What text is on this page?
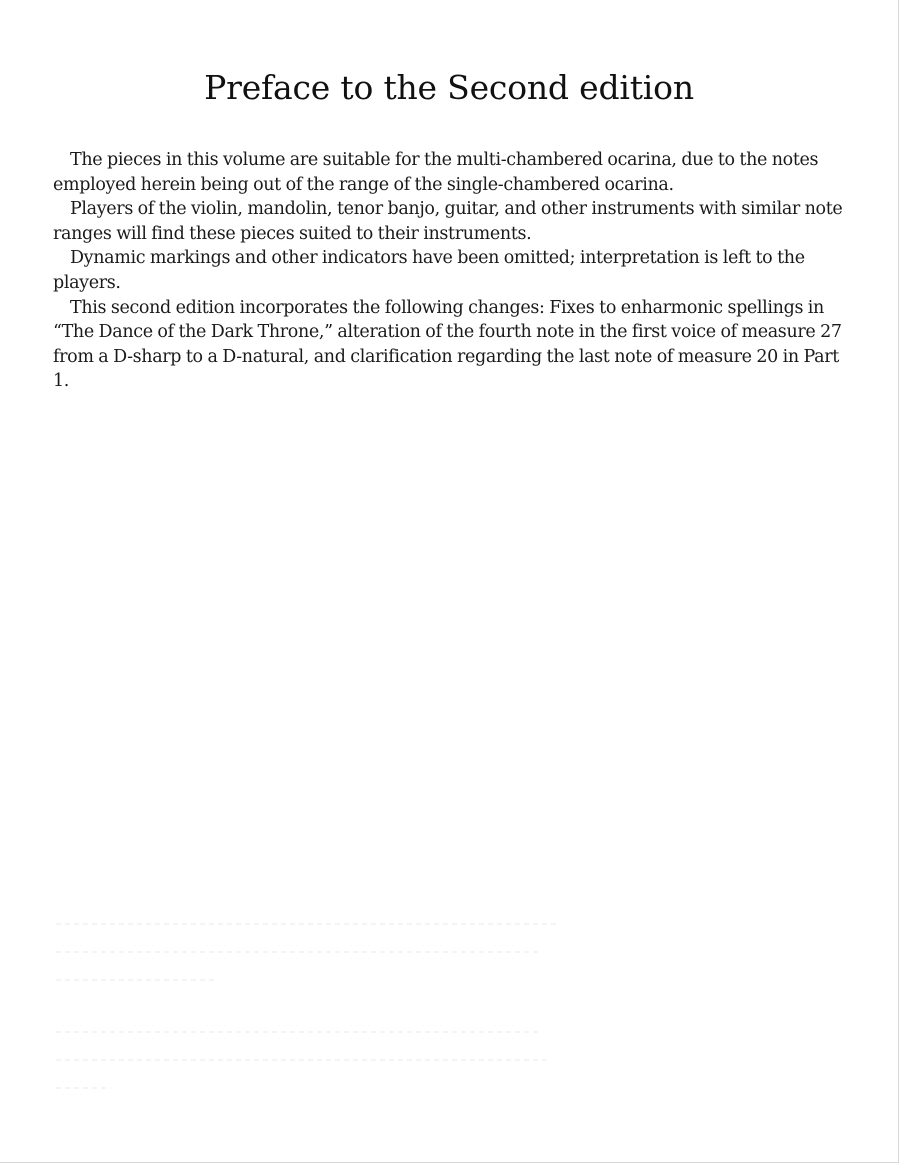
Preface to the Second edition

The pieces in this volume are suitable for the multi-chambered ocarina, due to the notes employed herein being out of the range of the single-chambered ocarina.

Players of the violin, mandolin, tenor banjo, guitar, and other instruments with similar note ranges will find these pieces suited to their instruments.

Dynamic markings and other indicators have been omitted; interpretation is left to the players.

This second edition incorporates the following changes: Fixes to enharmonic spellings in “The Dance of the Dark Throne,” alteration of the fourth note in the first voice of measure 27 from a D-sharp to a D-natural, and clarification regarding the last note of measure 20 in Part 1.
